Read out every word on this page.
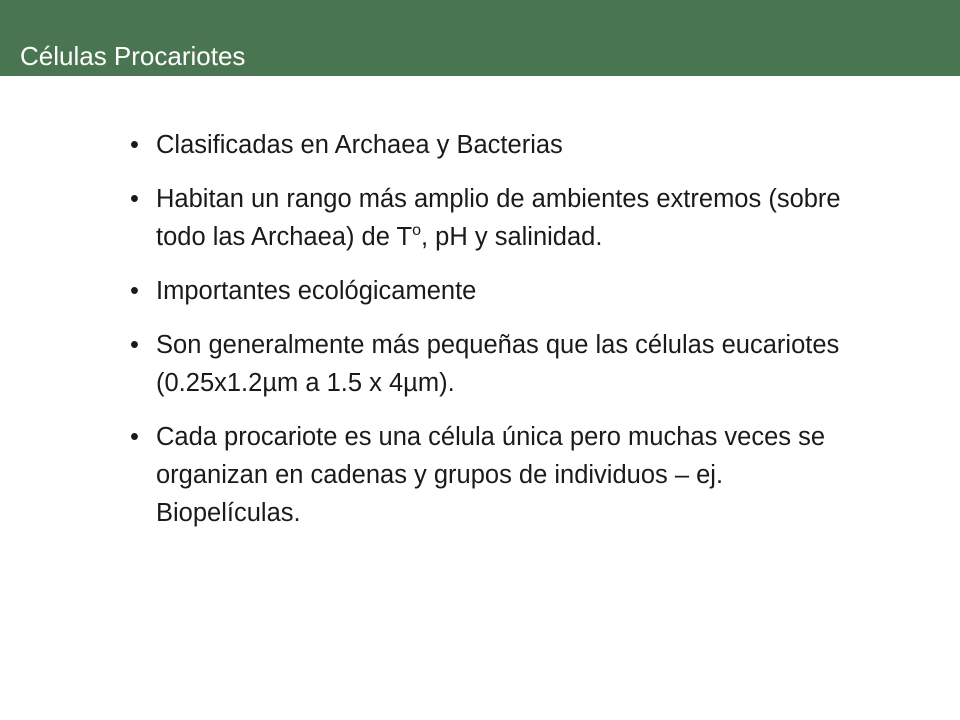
Células Procariotes
• Clasificadas en Archaea y Bacterias
• Habitan un rango más amplio de ambientes extremos (sobre todo las Archaea) de $T^o$, pH y salinidad.
• Importantes ecológicamente
• Son generalmente más pequeñas que las células eucariotes (0.25x1.2µm a 1.5 x 4µm).
• Cada procariote es una célula única pero muchas veces se organizan en cadenas y grupos de individuos – ej. Biopelículas.
